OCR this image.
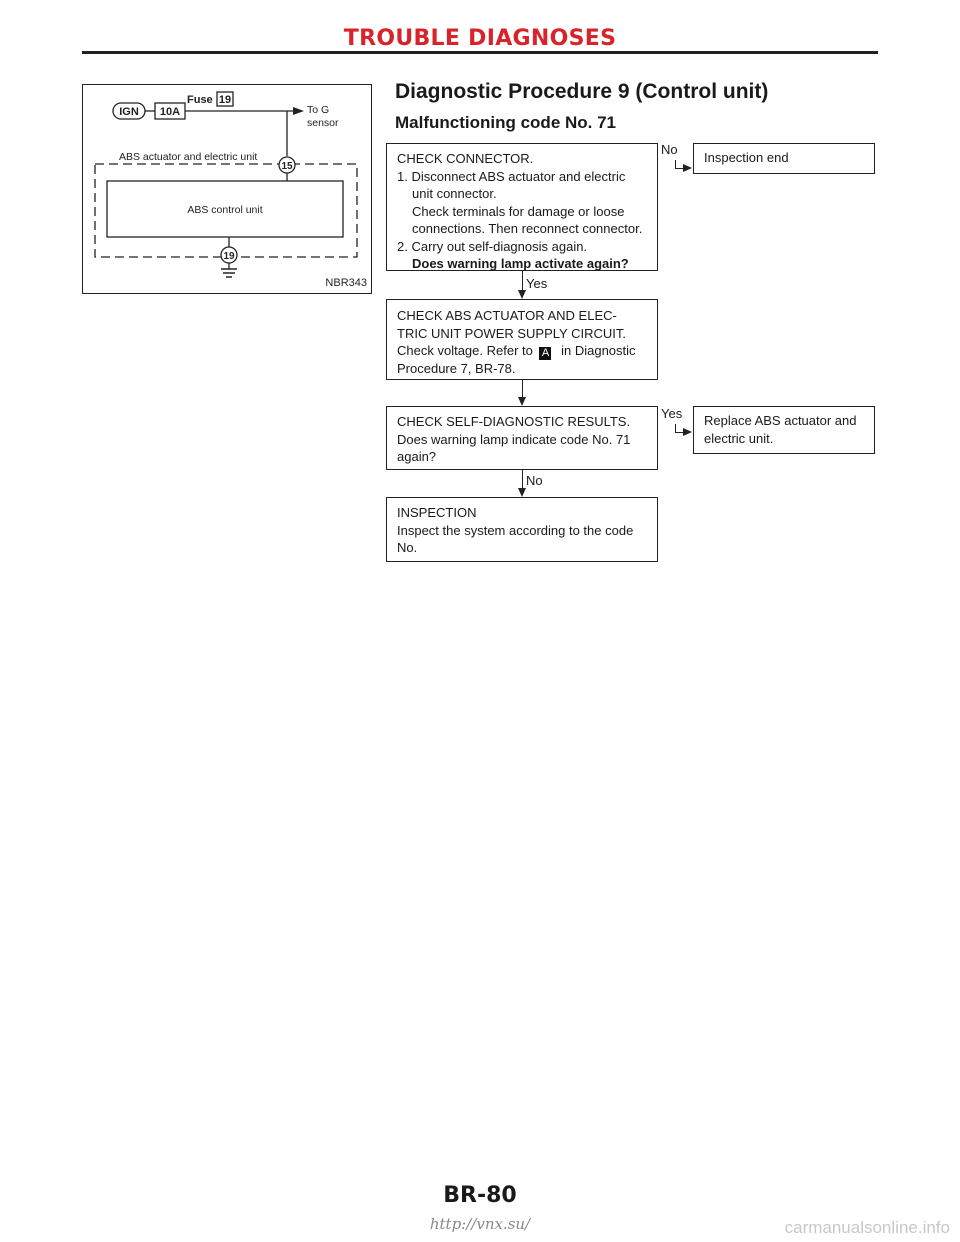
TROUBLE DIAGNOSES
IGN 10A
Fuse 19
To G
sensor
ABS actuator and electric unit
15
ABS control unit
19
NBR343
Diagnostic Procedure 9 (Control unit)
Malfunctioning code No. 71
CHECK CONNECTOR.
1. Disconnect ABS actuator and electric
unit connector.
Check terminals for damage or loose
connections. Then reconnect connector.
2. Carry out self-diagnosis again.
Does warning lamp activate again?
No
Inspection end
Yes
CHECK ABS ACTUATOR AND ELEC-
TRIC UNIT POWER SUPPLY CIRCUIT.
Check voltage. Refer to A in Diagnostic
Procedure 7, BR-78.
CHECK SELF-DIAGNOSTIC RESULTS.
Does warning lamp indicate code No. 71
again?
Yes Replace ABS actuator and
electric unit.
No
INSPECTION
Inspect the system according to the code
No.
BR-80
http://vnx.su/	carmanualsonline.info
